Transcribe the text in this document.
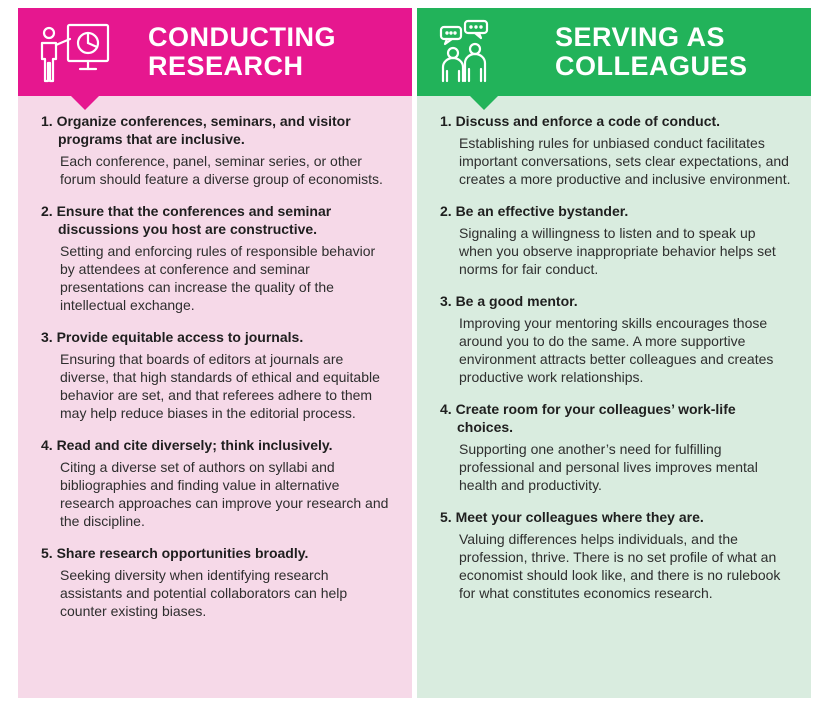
CONDUCTING
RESEARCH
1. Organize conferences, seminars, and visitor programs that are inclusive.
Each conference, panel, seminar series, or other forum should feature a diverse group of economists.
2. Ensure that the conferences and seminar discussions you host are constructive.
Setting and enforcing rules of responsible behavior by attendees at conference and seminar presentations can increase the quality of the intellectual exchange.
3. Provide equitable access to journals.
Ensuring that boards of editors at journals are diverse, that high standards of ethical and equitable behavior are set, and that referees adhere to them may help reduce biases in the editorial process.
4. Read and cite diversely; think inclusively.
Citing a diverse set of authors on syllabi and bibliographies and finding value in alternative research approaches can improve your research and the discipline.
5. Share research opportunities broadly.
Seeking diversity when identifying research assistants and potential collaborators can help counter existing biases.
SERVING AS
COLLEAGUES
1. Discuss and enforce a code of conduct.
Establishing rules for unbiased conduct facilitates important conversations, sets clear expectations, and creates a more productive and inclusive environment.
2. Be an effective bystander.
Signaling a willingness to listen and to speak up when you observe inappropriate behavior helps set norms for fair conduct.
3. Be a good mentor.
Improving your mentoring skills encourages those around you to do the same. A more supportive environment attracts better colleagues and creates productive work relationships.
4. Create room for your colleagues’ work-life choices.
Supporting one another’s need for fulfilling professional and personal lives improves mental health and productivity.
5. Meet your colleagues where they are.
Valuing differences helps individuals, and the profession, thrive. There is no set profile of what an economist should look like, and there is no rulebook for what constitutes economics research.
